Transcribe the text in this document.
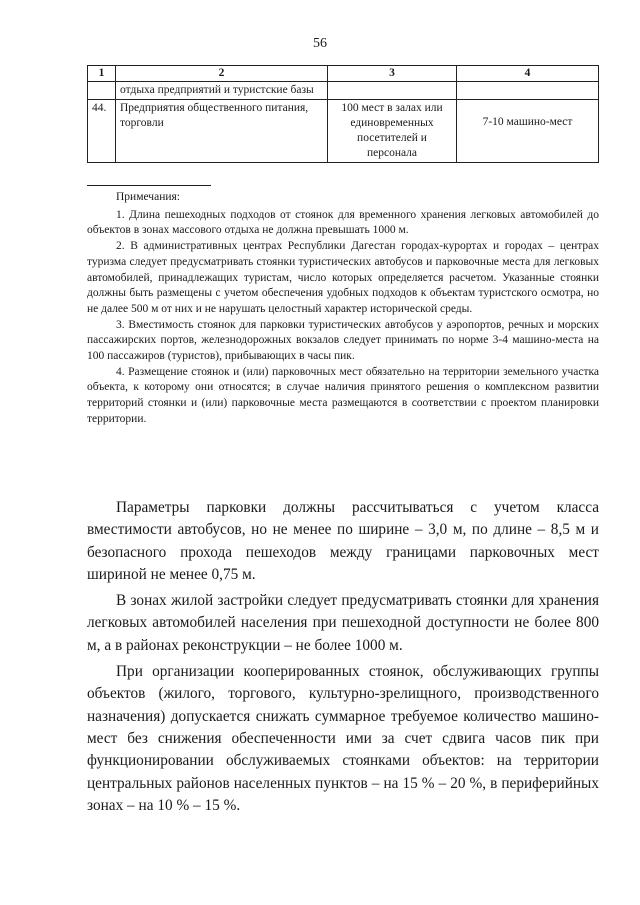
56
1	2	3	4
	отдыха предприятий и туристские базы		
44.	Предприятия общественного питания, торговли	100 мест в залах или единовременных посетителей и персонала	7-10 машино-мест

Примечания:

1. Длина пешеходных подходов от стоянок для временного хранения легковых автомобилей до объектов в зонах массового отдыха не должна превышать 1000 м.

2. В административных центрах Республики Дагестан городах-курортах и городах – центрах туризма следует предусматривать стоянки туристических автобусов и парковочные места для легковых автомобилей, принадлежащих туристам, число которых определяется расчетом. Указанные стоянки должны быть размещены с учетом обеспечения удобных подходов к объектам туристского осмотра, но не далее 500 м от них и не нарушать целостный характер исторической среды.

3. Вместимость стоянок для парковки туристических автобусов у аэропортов, речных и морских пассажирских портов, железнодорожных вокзалов следует принимать по норме 3-4 машино-места на 100 пассажиров (туристов), прибывающих в часы пик.

4. Размещение стоянок и (или) парковочных мест обязательно на территории земельного участка объекта, к которому они относятся; в случае наличия принятого решения о комплексном развитии территорий стоянки и (или) парковочные места размещаются в соответствии с проектом планировки территории.

Параметры парковки должны рассчитываться с учетом класса вместимости автобусов, но не менее по ширине – 3,0 м, по длине – 8,5 м и безопасного прохода пешеходов между границами парковочных мест шириной не менее 0,75 м.

В зонах жилой застройки следует предусматривать стоянки для хранения легковых автомобилей населения при пешеходной доступности не более 800 м, а в районах реконструкции – не более 1000 м.

При организации кооперированных стоянок, обслуживающих группы объектов (жилого, торгового, культурно-зрелищного, производственного назначения) допускается снижать суммарное требуемое количество машино-мест без снижения обеспеченности ими за счет сдвига часов пик при функционировании обслуживаемых стоянками объектов: на территории центральных районов населенных пунктов – на 15 % – 20 %, в периферийных зонах – на 10 % – 15 %.
